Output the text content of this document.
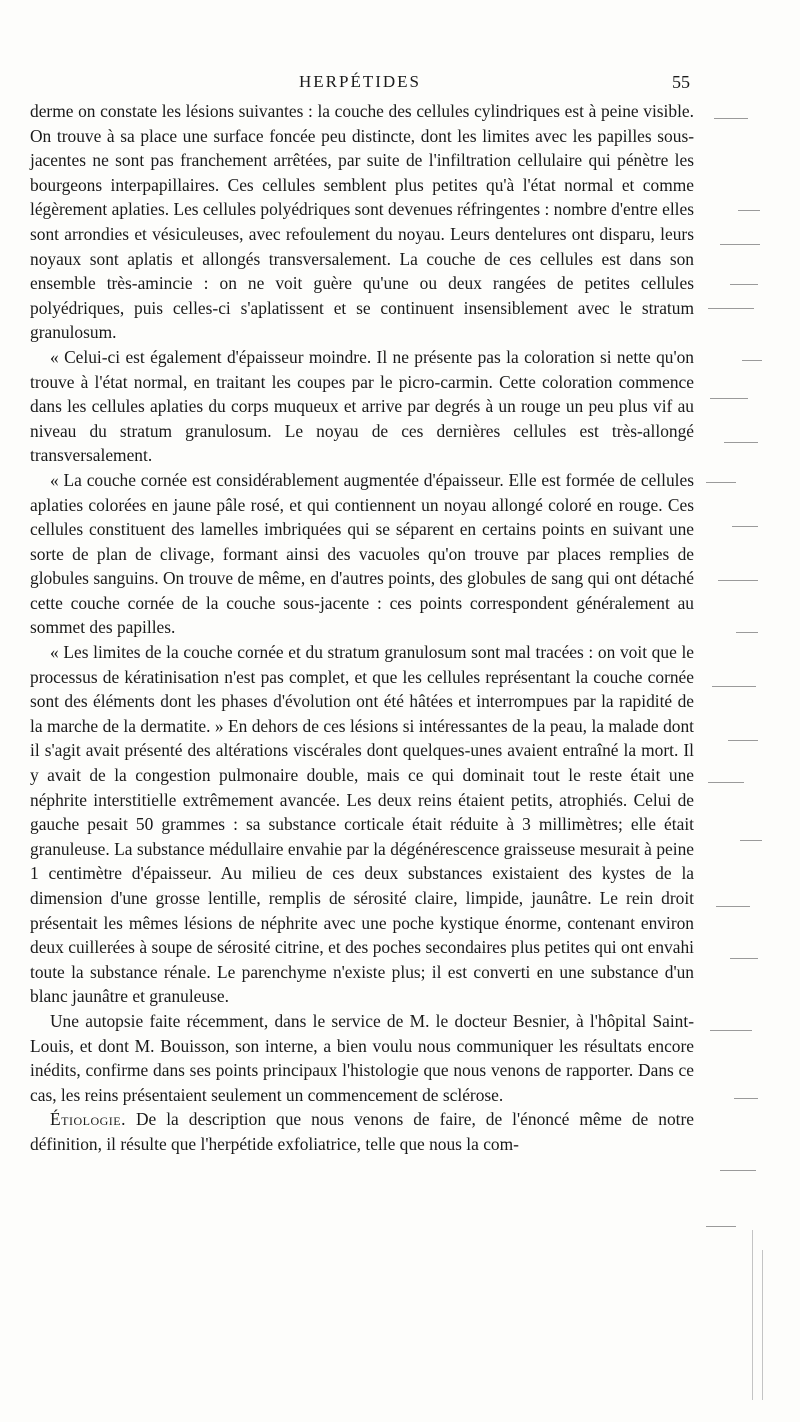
HERPÉTIDES	55

derme on constate les lésions suivantes : la couche des cellules cylindriques est à peine visible. On trouve à sa place une surface foncée peu distincte, dont les limites avec les papilles sous-jacentes ne sont pas franchement arrêtées, par suite de l'infiltration cellulaire qui pénètre les bourgeons interpapillaires. Ces cellules semblent plus petites qu'à l'état normal et comme légèrement aplaties. Les cellules polyédriques sont devenues réfringentes : nombre d'entre elles sont arrondies et vésiculeuses, avec refoulement du noyau. Leurs dentelures ont disparu, leurs noyaux sont aplatis et allongés transversalement. La couche de ces cellules est dans son ensemble très-amincie : on ne voit guère qu'une ou deux rangées de petites cellules polyédriques, puis celles-ci s'aplatissent et se continuent insensiblement avec le stratum granulosum.

« Celui-ci est également d'épaisseur moindre. Il ne présente pas la coloration si nette qu'on trouve à l'état normal, en traitant les coupes par le picro-carmin. Cette coloration commence dans les cellules aplaties du corps muqueux et arrive par degrés à un rouge un peu plus vif au niveau du stratum granulosum. Le noyau de ces dernières cellules est très-allongé transversalement.

« La couche cornée est considérablement augmentée d'épaisseur. Elle est formée de cellules aplaties colorées en jaune pâle rosé, et qui contiennent un noyau allongé coloré en rouge. Ces cellules constituent des lamelles imbriquées qui se séparent en certains points en suivant une sorte de plan de clivage, formant ainsi des vacuoles qu'on trouve par places remplies de globules sanguins. On trouve de même, en d'autres points, des globules de sang qui ont détaché cette couche cornée de la couche sous-jacente : ces points correspondent généralement au sommet des papilles.

« Les limites de la couche cornée et du stratum granulosum sont mal tracées : on voit que le processus de kératinisation n'est pas complet, et que les cellules représentant la couche cornée sont des éléments dont les phases d'évolution ont été hâtées et interrompues par la rapidité de la marche de la dermatite. » En dehors de ces lésions si intéressantes de la peau, la malade dont il s'agit avait présenté des altérations viscérales dont quelques-unes avaient entraîné la mort. Il y avait de la congestion pulmonaire double, mais ce qui dominait tout le reste était une néphrite interstitielle extrêmement avancée. Les deux reins étaient petits, atrophiés. Celui de gauche pesait 50 grammes : sa substance corticale était réduite à 3 millimètres; elle était granuleuse. La substance médullaire envahie par la dégénérescence graisseuse mesurait à peine 1 centimètre d'épaisseur. Au milieu de ces deux substances existaient des kystes de la dimension d'une grosse lentille, remplis de sérosité claire, limpide, jaunâtre. Le rein droit présentait les mêmes lésions de néphrite avec une poche kystique énorme, contenant environ deux cuillerées à soupe de sérosité citrine, et des poches secondaires plus petites qui ont envahi toute la substance rénale. Le parenchyme n'existe plus; il est converti en une substance d'un blanc jaunâtre et granuleuse.

Une autopsie faite récemment, dans le service de M. le docteur Besnier, à l'hôpital Saint-Louis, et dont M. Bouisson, son interne, a bien voulu nous communiquer les résultats encore inédits, confirme dans ses points principaux l'histologie que nous venons de rapporter. Dans ce cas, les reins présentaient seulement un commencement de sclérose.

Étiologie. De la description que nous venons de faire, de l'énoncé même de notre définition, il résulte que l'herpétide exfoliatrice, telle que nous la com-
